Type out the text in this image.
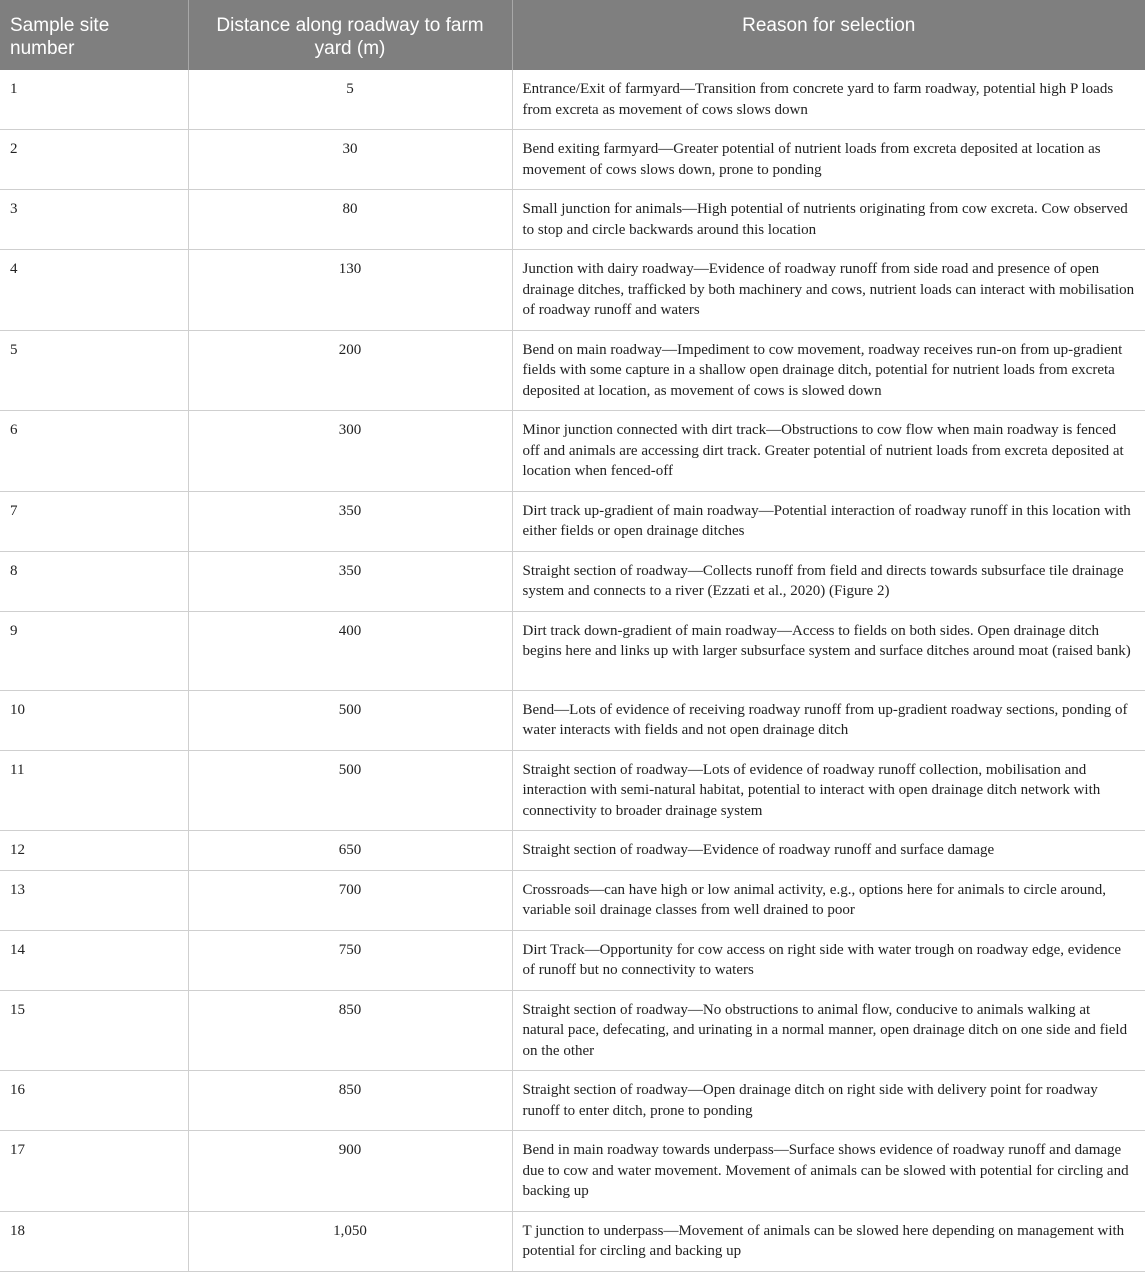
Sample site number	Distance along roadway to farm yard (m)	Reason for selection
1	5	Entrance/Exit of farmyard—Transition from concrete yard to farm roadway, potential high P loads from excreta as movement of cows slows down
2	30	Bend exiting farmyard—Greater potential of nutrient loads from excreta deposited at location as movement of cows slows down, prone to ponding
3	80	Small junction for animals—High potential of nutrients originating from cow excreta. Cow observed to stop and circle backwards around this location
4	130	Junction with dairy roadway—Evidence of roadway runoff from side road and presence of open drainage ditches, trafficked by both machinery and cows, nutrient loads can interact with mobilisation of roadway runoff and waters
5	200	Bend on main roadway—Impediment to cow movement, roadway receives run-on from up-gradient fields with some capture in a shallow open drainage ditch, potential for nutrient loads from excreta deposited at location, as movement of cows is slowed down
6	300	Minor junction connected with dirt track—Obstructions to cow flow when main roadway is fenced off and animals are accessing dirt track. Greater potential of nutrient loads from excreta deposited at location when fenced-off
7	350	Dirt track up-gradient of main roadway—Potential interaction of roadway runoff in this location with either fields or open drainage ditches
8	350	Straight section of roadway—Collects runoff from field and directs towards subsurface tile drainage system and connects to a river (Ezzati et al., 2020) (Figure 2)
9	400	Dirt track down-gradient of main roadway—Access to fields on both sides. Open drainage ditch begins here and links up with larger subsurface system and surface ditches around moat (raised bank)
10	500	Bend—Lots of evidence of receiving roadway runoff from up-gradient roadway sections, ponding of water interacts with fields and not open drainage ditch
11	500	Straight section of roadway—Lots of evidence of roadway runoff collection, mobilisation and interaction with semi-natural habitat, potential to interact with open drainage ditch network with connectivity to broader drainage system
12	650	Straight section of roadway—Evidence of roadway runoff and surface damage
13	700	Crossroads—can have high or low animal activity, e.g., options here for animals to circle around, variable soil drainage classes from well drained to poor
14	750	Dirt Track—Opportunity for cow access on right side with water trough on roadway edge, evidence of runoff but no connectivity to waters
15	850	Straight section of roadway—No obstructions to animal flow, conducive to animals walking at natural pace, defecating, and urinating in a normal manner, open drainage ditch on one side and field on the other
16	850	Straight section of roadway—Open drainage ditch on right side with delivery point for roadway runoff to enter ditch, prone to ponding
17	900	Bend in main roadway towards underpass—Surface shows evidence of roadway runoff and damage due to cow and water movement. Movement of animals can be slowed with potential for circling and backing up
18	1,050	T junction to underpass—Movement of animals can be slowed here depending on management with potential for circling and backing up
